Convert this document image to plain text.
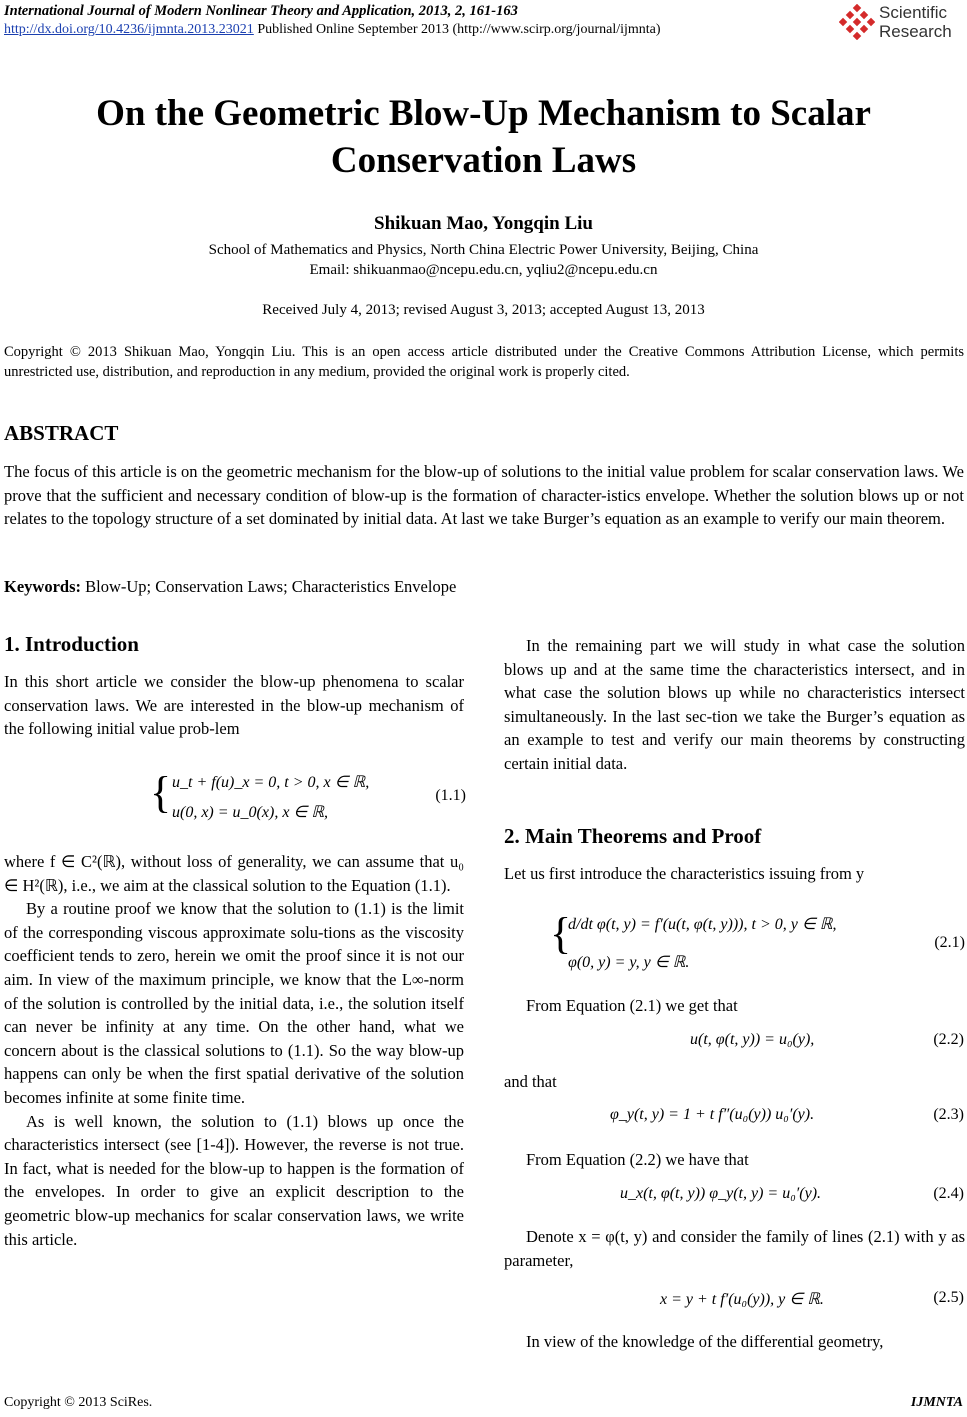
International Journal of Modern Nonlinear Theory and Application, 2013, 2, 161-163
http://dx.doi.org/10.4236/ijmnta.2013.23021 Published Online September 2013 (http://www.scirp.org/journal/ijmnta)
Scientific
Research
On the Geometric Blow-Up Mechanism to Scalar Conservation Laws
Shikuan Mao, Yongqin Liu
School of Mathematics and Physics, North China Electric Power University, Beijing, China
Email: shikuanmao@ncepu.edu.cn, yqliu2@ncepu.edu.cn
Received July 4, 2013; revised August 3, 2013; accepted August 13, 2013
Copyright © 2013 Shikuan Mao, Yongqin Liu. This is an open access article distributed under the Creative Commons Attribution License, which permits unrestricted use, distribution, and reproduction in any medium, provided the original work is properly cited.
ABSTRACT
The focus of this article is on the geometric mechanism for the blow-up of solutions to the initial value problem for scalar conservation laws. We prove that the sufficient and necessary condition of blow-up is the formation of character-istics envelope. Whether the solution blows up or not relates to the topology structure of a set dominated by initial data. At last we take Burger’s equation as an example to verify our main theorem.
Keywords: Blow-Up; Conservation Laws; Characteristics Envelope
1. Introduction

In this short article we consider the blow-up phenomena to scalar conservation laws. We are interested in the blow-up mechanism of the following initial value prob-lem

{ u_t + f(u)_x = 0, t > 0, x ∈ ℝ,
u(0, x) = u_0(x), x ∈ ℝ,
(1.1)

where f ∈ C²(ℝ), without loss of generality, we can assume that u₀ ∈ H²(ℝ), i.e., we aim at the classical solution to the Equation (1.1).

By a routine proof we know that the solution to (1.1) is the limit of the corresponding viscous approximate solu-tions as the viscosity coefficient tends to zero, herein we omit the proof since it is not our aim. In view of the maximum principle, we know that the L∞-norm of the solution is controlled by the initial data, i.e., the solution itself can never be infinity at any time. On the other hand, what we concern about is the classical solutions to (1.1). So the way blow-up happens can only be when the first spatial derivative of the solution becomes infinite at some finite time.

As is well known, the solution to (1.1) blows up once the characteristics intersect (see [1-4]). However, the reverse is not true. In fact, what is needed for the blow-up to happen is the formation of the envelopes. In order to give an explicit description to the geometric blow-up mechanics for scalar conservation laws, we write this article.

In the remaining part we will study in what case the solution blows up and at the same time the characteristics intersect, and in what case the solution blows up while no characteristics intersect simultaneously. In the last sec-tion we take the Burger’s equation as an example to test and verify our main theorems by constructing certain initial data.

2. Main Theorems and Proof
Let us first introduce the characteristics issuing from y
{
d/dt φ(t, y) = f′(u(t, φ(t, y))), t > 0, y ∈ ℝ,
φ(0, y) = y, y ∈ ℝ.
(2.1)
From Equation (2.1) we get that
u(t, φ(t, y)) = u₀(y),	(2.2)
and that
φ_y(t, y) = 1 + t f″(u₀(y)) u₀′(y).	(2.3)
From Equation (2.2) we have that
u_x(t, φ(t, y)) φ_y(t, y) = u₀′(y).	(2.4)

Denote x = φ(t, y) and consider the family of lines (2.1) with y as parameter,

x = y + t f′(u₀(y)), y ∈ ℝ.	(2.5)
In view of the knowledge of the differential geometry,
Copyright © 2013 SciRes.	IJMNTA
